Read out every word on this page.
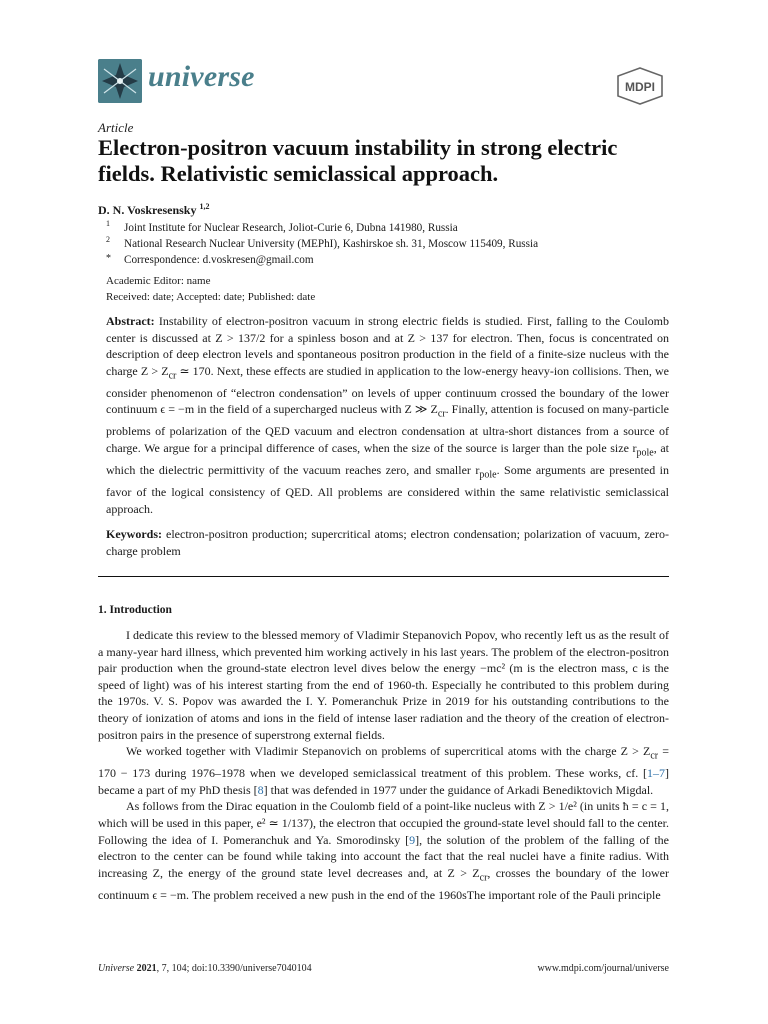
universe	MDPI
Article
Electron-positron vacuum instability in strong electric
fields. Relativistic semiclassical approach.
D. N. Voskresensky $^{1,2}$
1 Joint Institute for Nuclear Research, Joliot-Curie 6, Dubna 141980, Russia
2 National Research Nuclear University (MEPhI), Kashirskoe sh. 31, Moscow 115409, Russia
* Correspondence: d.voskresen@gmail.com
Academic Editor: name
Received: date; Accepted: date; Published: date
Abstract: Instability of electron-positron vacuum in strong electric fields is studied. First, falling to the Coulomb center is discussed at Z > 137/2 for a spinless boson and at Z > 137 for electron. Then, focus is concentrated on description of deep electron levels and spontaneous positron production in the field of a finite-size nucleus with the charge $Z > Z_{cr}$ ≃ 170. Next, these effects are studied in application to the low-energy heavy-ion collisions. Then, we consider phenomenon of “electron condensation” on levels of upper continuum crossed the boundary of the lower continuum ϵ = −m in the field of a supercharged nucleus with Z ≫ $Z_{cr}$. Finally, attention is focused on many-particle problems of polarization of the QED vacuum and electron condensation at ultra-short distances from a source of charge. We argue for a principal difference of cases, when the size of the source is larger than the pole size $r_{pole}$, at which the dielectric permittivity of the vacuum reaches zero, and smaller $r_{pole}$. Some arguments are presented in favor of the logical consistency of QED. All problems are considered within the same relativistic semiclassical approach.
Keywords: electron-positron production; supercritical atoms; electron condensation; polarization of vacuum, zero-charge problem
1. Introduction

I dedicate this review to the blessed memory of Vladimir Stepanovich Popov, who recently left us as the result of a many-year hard illness, which prevented him working actively in his last years. The problem of the electron-positron pair production when the ground-state electron level dives below the energy −mc² (m is the electron mass, c is the speed of light) was of his interest starting from the end of 1960-th. Especially he contributed to this problem during the 1970s. V. S. Popov was awarded the I. Y. Pomeranchuk Prize in 2019 for his outstanding contributions to the theory of ionization of atoms and ions in the field of intense laser radiation and the theory of the creation of electron-positron pairs in the presence of superstrong external fields.

We worked together with Vladimir Stepanovich on problems of supercritical atoms with the charge $Z > Z_{cr} = 170 - 173$ during 1976–1978 when we developed semiclassical treatment of this problem. These works, cf. [1–7] became a part of my PhD thesis [8] that was defended in 1977 under the guidance of Arkadi Benediktovich Migdal.

As follows from the Dirac equation in the Coulomb field of a point-like nucleus with Z > 1/e² (in units ħ = c = 1, which will be used in this paper, e² ≃ 1/137), the electron that occupied the ground-state level should fall to the center. Following the idea of I. Pomeranchuk and Ya. Smorodinsky [9], the solution of the problem of the falling of the electron to the center can be found while taking into account the fact that the real nuclei have a finite radius. With increasing Z, the energy of the ground state level decreases and, at $Z > Z_{cr}$, crosses the boundary of the lower continuum ϵ = −m. The problem received a new push in the end of the 1960sThe important role of the Pauli principle

Universe 2021, 7, 104; doi:10.3390/universe7040104	www.mdpi.com/journal/universe
